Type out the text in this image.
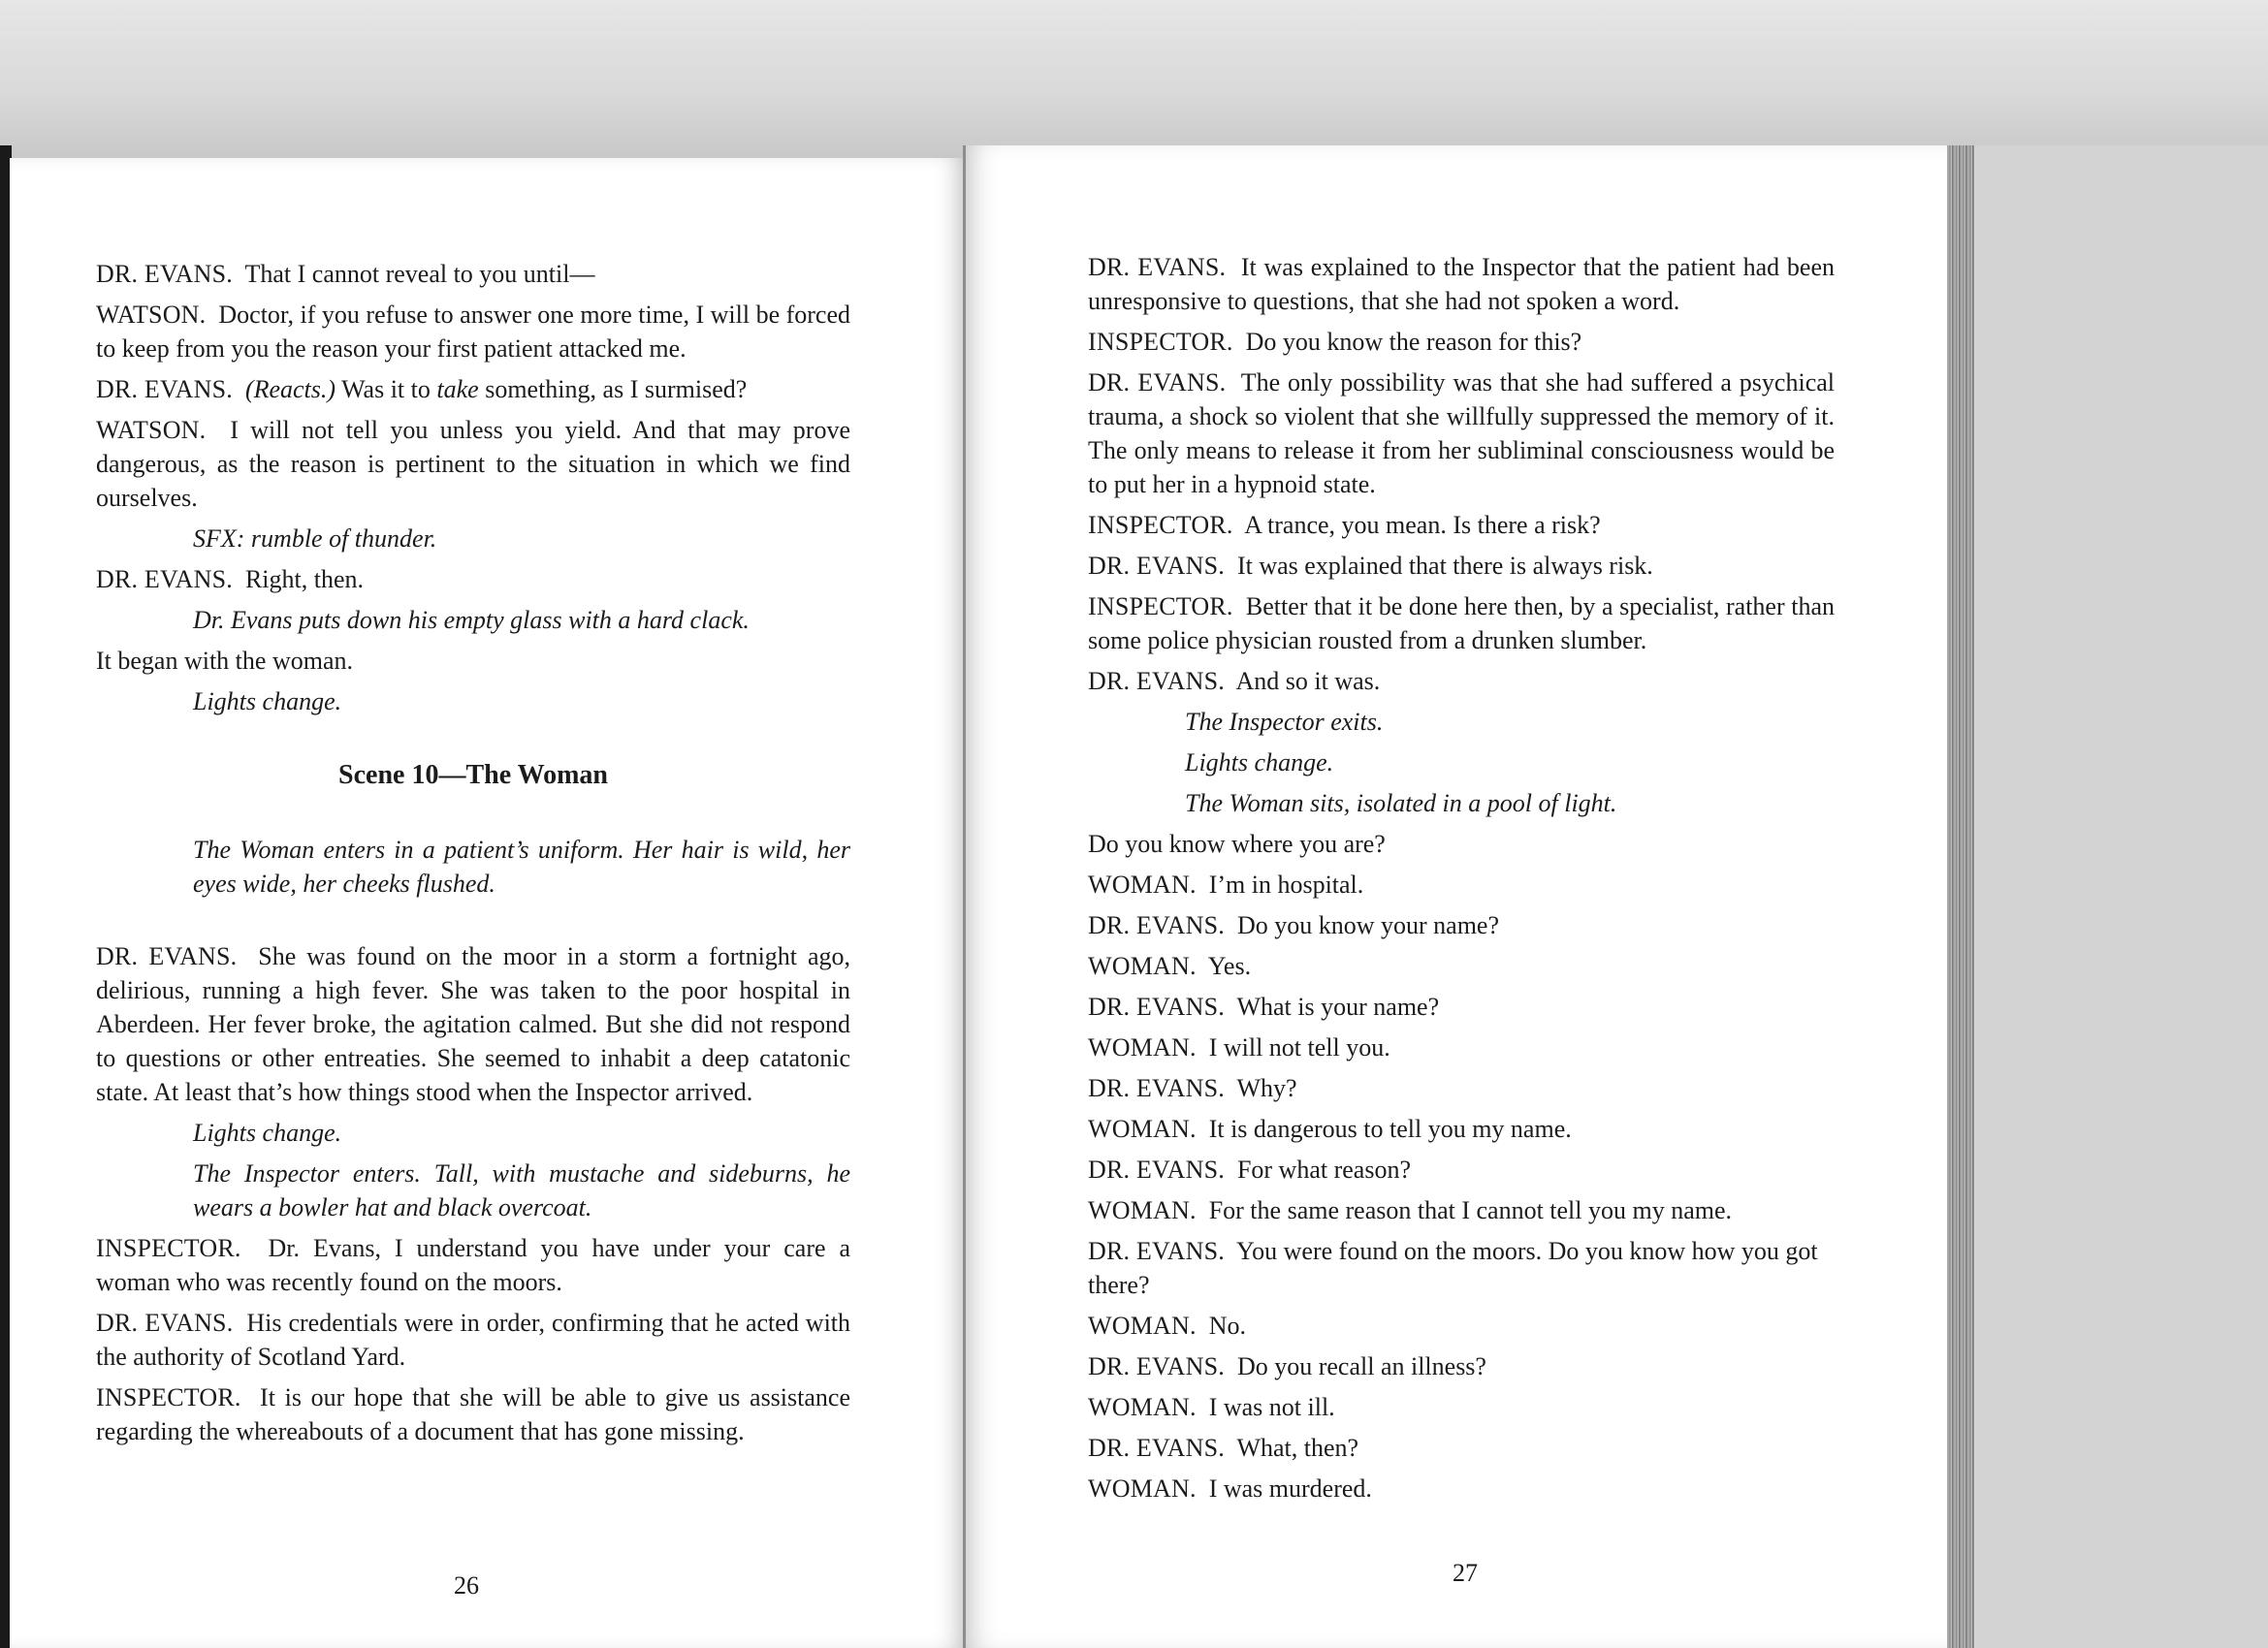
DR. EVANS. That I cannot reveal to you until—

WATSON. Doctor, if you refuse to answer one more time, I will be forced to keep from you the reason your first patient attacked me.

DR. EVANS. (Reacts.) Was it to take something, as I surmised?

WATSON. I will not tell you unless you yield. And that may prove dangerous, as the reason is pertinent to the situation in which we find ourselves.

SFX: rumble of thunder.

DR. EVANS. Right, then.

Dr. Evans puts down his empty glass with a hard clack.

It began with the woman.

Lights change.

Scene 10—The Woman

The Woman enters in a patient’s uniform. Her hair is wild, her eyes wide, her cheeks flushed.

DR. EVANS. She was found on the moor in a storm a fortnight ago, delirious, running a high fever. She was taken to the poor hospital in Aberdeen. Her fever broke, the agitation calmed. But she did not respond to questions or other entreaties. She seemed to inhabit a deep catatonic state. At least that’s how things stood when the Inspector arrived.

Lights change.

The Inspector enters. Tall, with mustache and sideburns, he wears a bowler hat and black overcoat.

INSPECTOR. Dr. Evans, I understand you have under your care a woman who was recently found on the moors.

DR. EVANS. His credentials were in order, confirming that he acted with the authority of Scotland Yard.

INSPECTOR. It is our hope that she will be able to give us assistance regarding the whereabouts of a document that has gone missing.

26

DR. EVANS. It was explained to the Inspector that the patient had been unresponsive to questions, that she had not spoken a word.

INSPECTOR. Do you know the reason for this?

DR. EVANS. The only possibility was that she had suffered a psychical trauma, a shock so violent that she willfully suppressed the memory of it. The only means to release it from her subliminal consciousness would be to put her in a hypnoid state.

INSPECTOR. A trance, you mean. Is there a risk?

DR. EVANS. It was explained that there is always risk.

INSPECTOR. Better that it be done here then, by a specialist, rather than some police physician rousted from a drunken slumber.

DR. EVANS. And so it was.

The Inspector exits.

Lights change.

The Woman sits, isolated in a pool of light.

Do you know where you are?

WOMAN. I’m in hospital.

DR. EVANS. Do you know your name?

WOMAN. Yes.

DR. EVANS. What is your name?

WOMAN. I will not tell you.

DR. EVANS. Why?

WOMAN. It is dangerous to tell you my name.

DR. EVANS. For what reason?

WOMAN. For the same reason that I cannot tell you my name.

DR. EVANS. You were found on the moors. Do you know how you got there?

WOMAN. No.

DR. EVANS. Do you recall an illness?

WOMAN. I was not ill.

DR. EVANS. What, then?

WOMAN. I was murdered.

27
